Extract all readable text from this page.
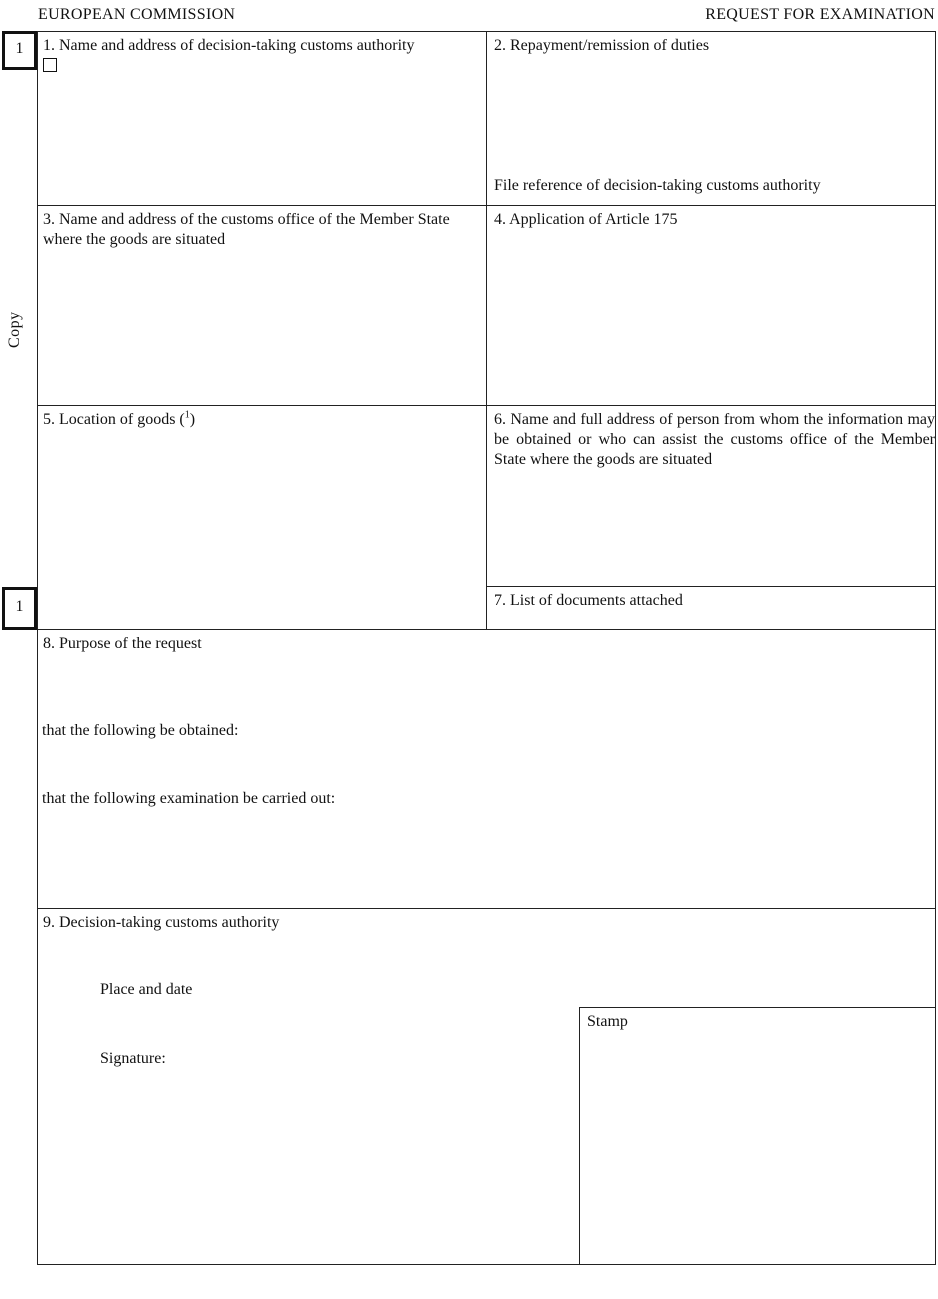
EUROPEAN COMMISSION	REQUEST FOR EXAMINATION
1
Copy
1
1. Name and address of decision-taking customs authority	2. Repayment/remission of duties
File reference of decision-taking customs authority
3. Name and address of the customs office of the Member State where the goods are situated
4. Application of Article 175
5. Location of goods ($^1$)	6. Name and full address of person from whom the information may be obtained or who can assist the customs office of the Member State where the goods are situated
7. List of documents attached
8. Purpose of the request
that the following be obtained:
that the following examination be carried out:
9. Decision-taking customs authority
Place and date
Signature:
Stamp
